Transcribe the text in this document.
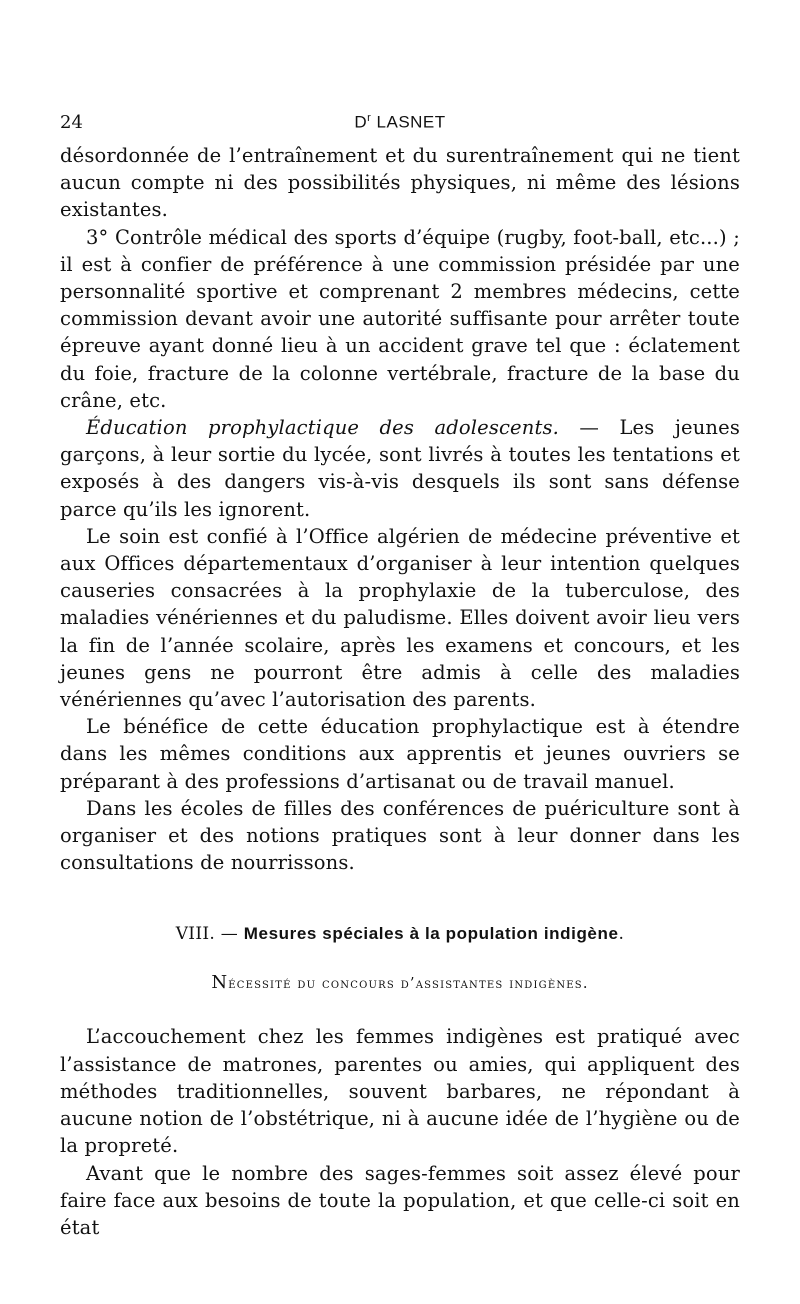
24	$D^r$ LASNET

désordonnée de l’entraînement et du surentraînement qui ne tient aucun compte ni des possibilités physiques, ni même des lésions existantes.

3° Contrôle médical des sports d’équipe (rugby, foot-ball, etc...) ; il est à confier de préférence à une commission présidée par une personnalité sportive et comprenant 2 membres médecins, cette commission devant avoir une autorité suffisante pour arrêter toute épreuve ayant donné lieu à un accident grave tel que : éclatement du foie, fracture de la colonne vertébrale, fracture de la base du crâne, etc.

Éducation prophylactique des adolescents. — Les jeunes garçons, à leur sortie du lycée, sont livrés à toutes les tentations et exposés à des dangers vis-à-vis desquels ils sont sans défense parce qu’ils les ignorent.

Le soin est confié à l’Office algérien de médecine préventive et aux Offices départementaux d’organiser à leur intention quelques causeries consacrées à la prophylaxie de la tuberculose, des maladies vénériennes et du paludisme. Elles doivent avoir lieu vers la fin de l’année scolaire, après les examens et concours, et les jeunes gens ne pourront être admis à celle des maladies vénériennes qu’avec l’autorisation des parents.

Le bénéfice de cette éducation prophylactique est à étendre dans les mêmes conditions aux apprentis et jeunes ouvriers se préparant à des professions d’artisanat ou de travail manuel.

Dans les écoles de filles des conférences de puériculture sont à organiser et des notions pratiques sont à leur donner dans les consultations de nourrissons.

VIII. — Mesures spéciales à la population indigène.
Nécessité du concours d’assistantes indigènes.

L’accouchement chez les femmes indigènes est pratiqué avec l’assistance de matrones, parentes ou amies, qui appliquent des méthodes traditionnelles, souvent barbares, ne répondant à aucune notion de l’obstétrique, ni à aucune idée de l’hygiène ou de la propreté.

Avant que le nombre des sages-femmes soit assez élevé pour faire face aux besoins de toute la population, et que celle-ci soit en état
